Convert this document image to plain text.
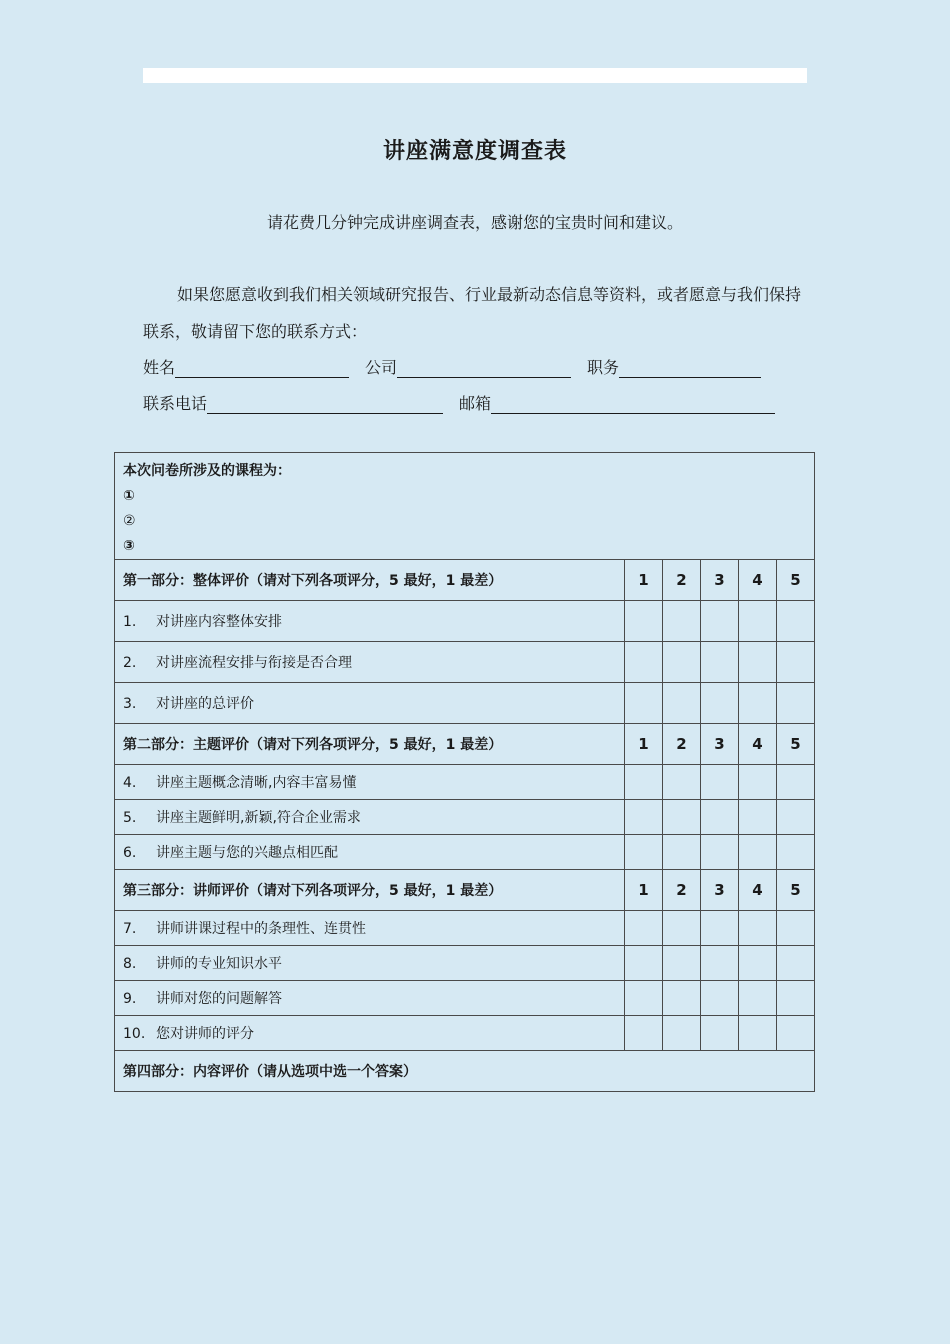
讲座满意度调查表
请花费几分钟完成讲座调查表，感谢您的宝贵时间和建议。

如果您愿意收到我们相关领域研究报告、行业最新动态信息等资料，或者愿意与我们保持联系，敬请留下您的联系方式：

姓名	公司	职务
联系电话	邮箱
本次问卷所涉及的课程为：
①
②
③					

第一部分：整体评价（请对下列各项评分，5 最好，1 最差）	1	2	3	4	5
1. 对讲座内容整体安排					
2. 对讲座流程安排与衔接是否合理					
3. 对讲座的总评价					
第二部分：主题评价（请对下列各项评分，5 最好，1 最差）	1	2	3	4	5
4. 讲座主题概念清晰,内容丰富易懂					
5. 讲座主题鲜明,新颖,符合企业需求					
6. 讲座主题与您的兴趣点相匹配					
第三部分：讲师评价（请对下列各项评分，5 最好，1 最差）	1	2	3	4	5
7. 讲师讲课过程中的条理性、连贯性					
8. 讲师的专业知识水平					
9. 讲师对您的问题解答					
10. 您对讲师的评分					
第四部分：内容评价（请从选项中选一个答案）					
